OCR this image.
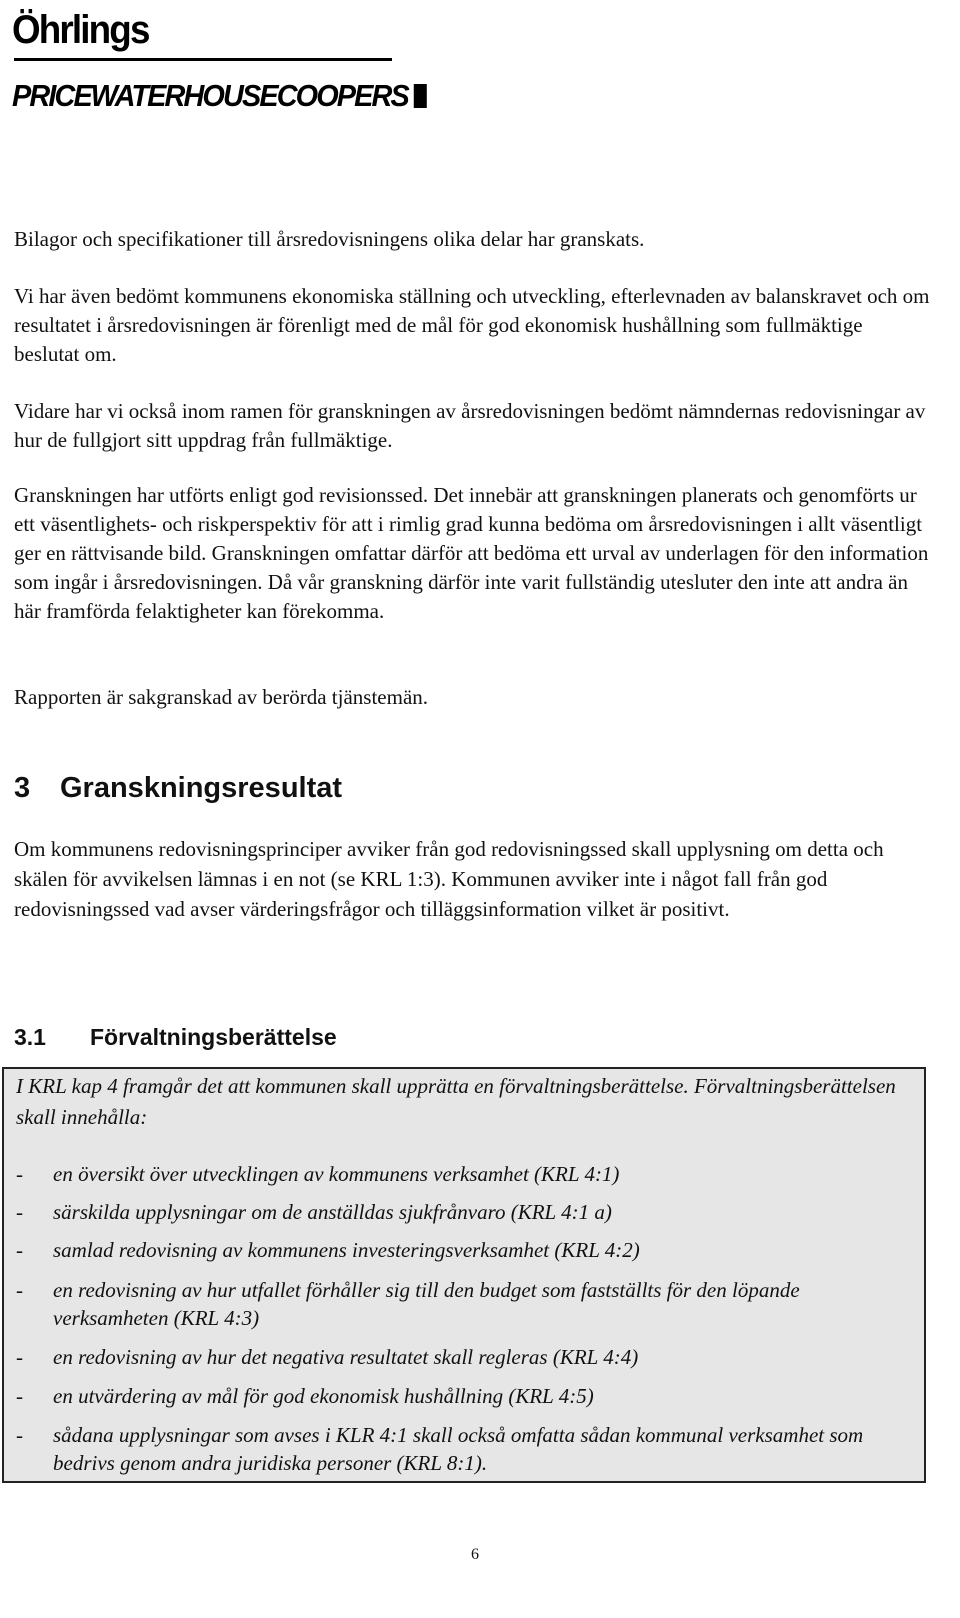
Öhrlings
PRICEWATERHOUSECOOPERS

Bilagor och specifikationer till årsredovisningens olika delar har granskats.

Vi har även bedömt kommunens ekonomiska ställning och utveckling, efterlevnaden av balanskravet och om resultatet i årsredovisningen är förenligt med de mål för god ekonomisk hushållning som fullmäktige beslutat om.

Vidare har vi också inom ramen för granskningen av årsredovisningen bedömt nämndernas redovisningar av hur de fullgjort sitt uppdrag från fullmäktige.

Granskningen har utförts enligt god revisionssed. Det innebär att granskningen planerats och genomförts ur ett väsentlighets- och riskperspektiv för att i rimlig grad kunna bedöma om årsredovisningen i allt väsentligt ger en rättvisande bild. Granskningen omfattar därför att bedöma ett urval av underlagen för den information som ingår i årsredovisningen. Då vår granskning därför inte varit fullständig utesluter den inte att andra än här framförda felaktigheter kan förekomma.

Rapporten är sakgranskad av berörda tjänstemän.

3 Granskningsresultat

Om kommunens redovisningsprinciper avviker från god redovisningssed skall upplysning om detta och skälen för avvikelsen lämnas i en not (se KRL 1:3). Kommunen avviker inte i något fall från god redovisningssed vad avser värderingsfrågor och tilläggsinformation vilket är positivt.

3.1 Förvaltningsberättelse

I KRL kap 4 framgår det att kommunen skall upprätta en förvaltningsberättelse. Förvaltningsberättelsen skall innehålla:

- en översikt över utvecklingen av kommunens verksamhet (KRL 4:1)
- särskilda upplysningar om de anställdas sjukfrånvaro (KRL 4:1 a)
- samlad redovisning av kommunens investeringsverksamhet (KRL 4:2)
- en redovisning av hur utfallet förhåller sig till den budget som fastställts för den löpande verksamheten (KRL 4:3)
- en redovisning av hur det negativa resultatet skall regleras (KRL 4:4)
- en utvärdering av mål för god ekonomisk hushållning (KRL 4:5)
- sådana upplysningar som avses i KLR 4:1 skall också omfatta sådan kommunal verksamhet som bedrivs genom andra juridiska personer (KRL 8:1).
6
